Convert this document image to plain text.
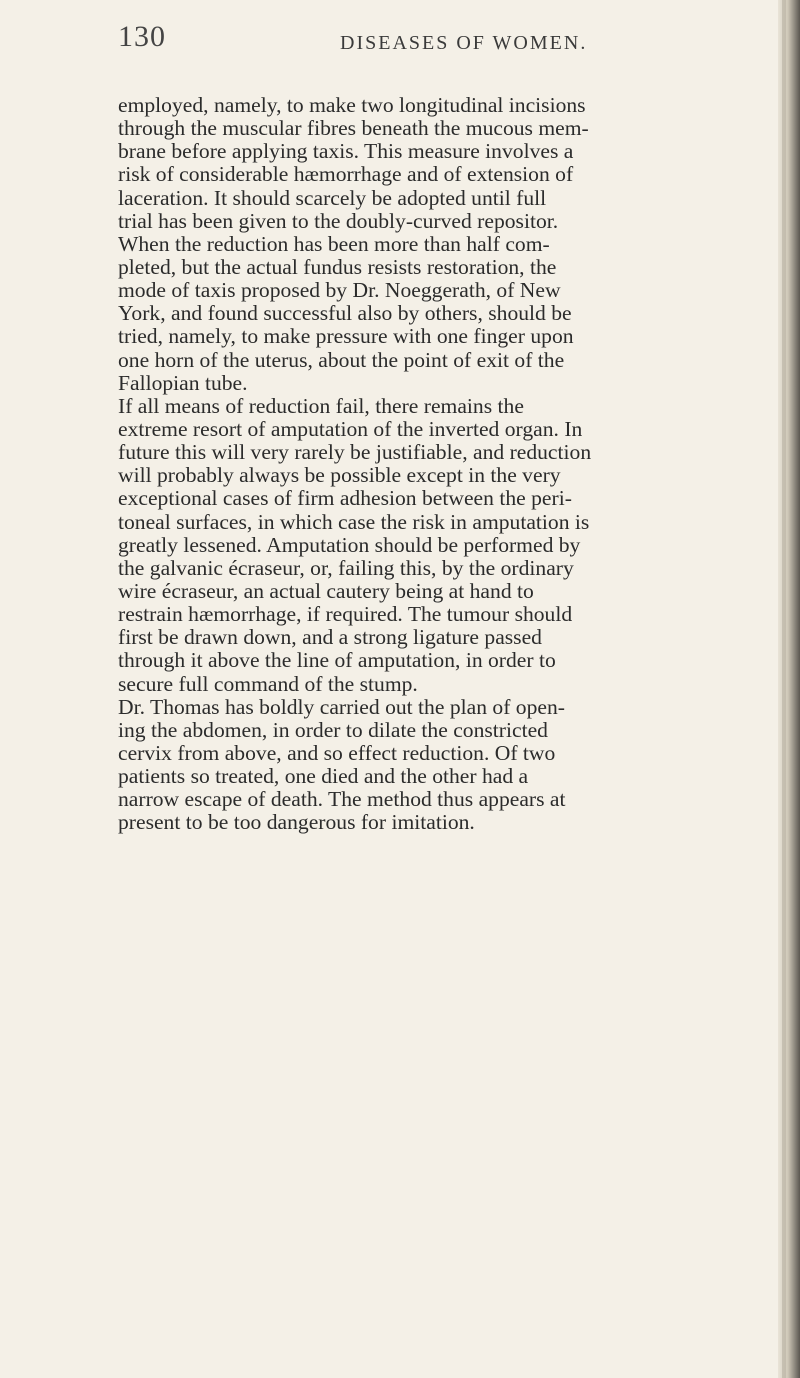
130	DISEASES OF WOMEN.
employed, namely, to make two longitudinal incisions
through the muscular fibres beneath the mucous mem-
brane before applying taxis. This measure involves a
risk of considerable hæmorrhage and of extension of
laceration. It should scarcely be adopted until full
trial has been given to the doubly-curved repositor.
When the reduction has been more than half com-
pleted, but the actual fundus resists restoration, the
mode of taxis proposed by Dr. Noeggerath, of New
York, and found successful also by others, should be
tried, namely, to make pressure with one finger upon
one horn of the uterus, about the point of exit of the
Fallopian tube.
If all means of reduction fail, there remains the
extreme resort of amputation of the inverted organ. In
future this will very rarely be justifiable, and reduction
will probably always be possible except in the very
exceptional cases of firm adhesion between the peri-
toneal surfaces, in which case the risk in amputation is
greatly lessened. Amputation should be performed by
the galvanic écraseur, or, failing this, by the ordinary
wire écraseur, an actual cautery being at hand to
restrain hæmorrhage, if required. The tumour should
first be drawn down, and a strong ligature passed
through it above the line of amputation, in order to
secure full command of the stump.
Dr. Thomas has boldly carried out the plan of open-
ing the abdomen, in order to dilate the constricted
cervix from above, and so effect reduction. Of two
patients so treated, one died and the other had a
narrow escape of death. The method thus appears at
present to be too dangerous for imitation.
